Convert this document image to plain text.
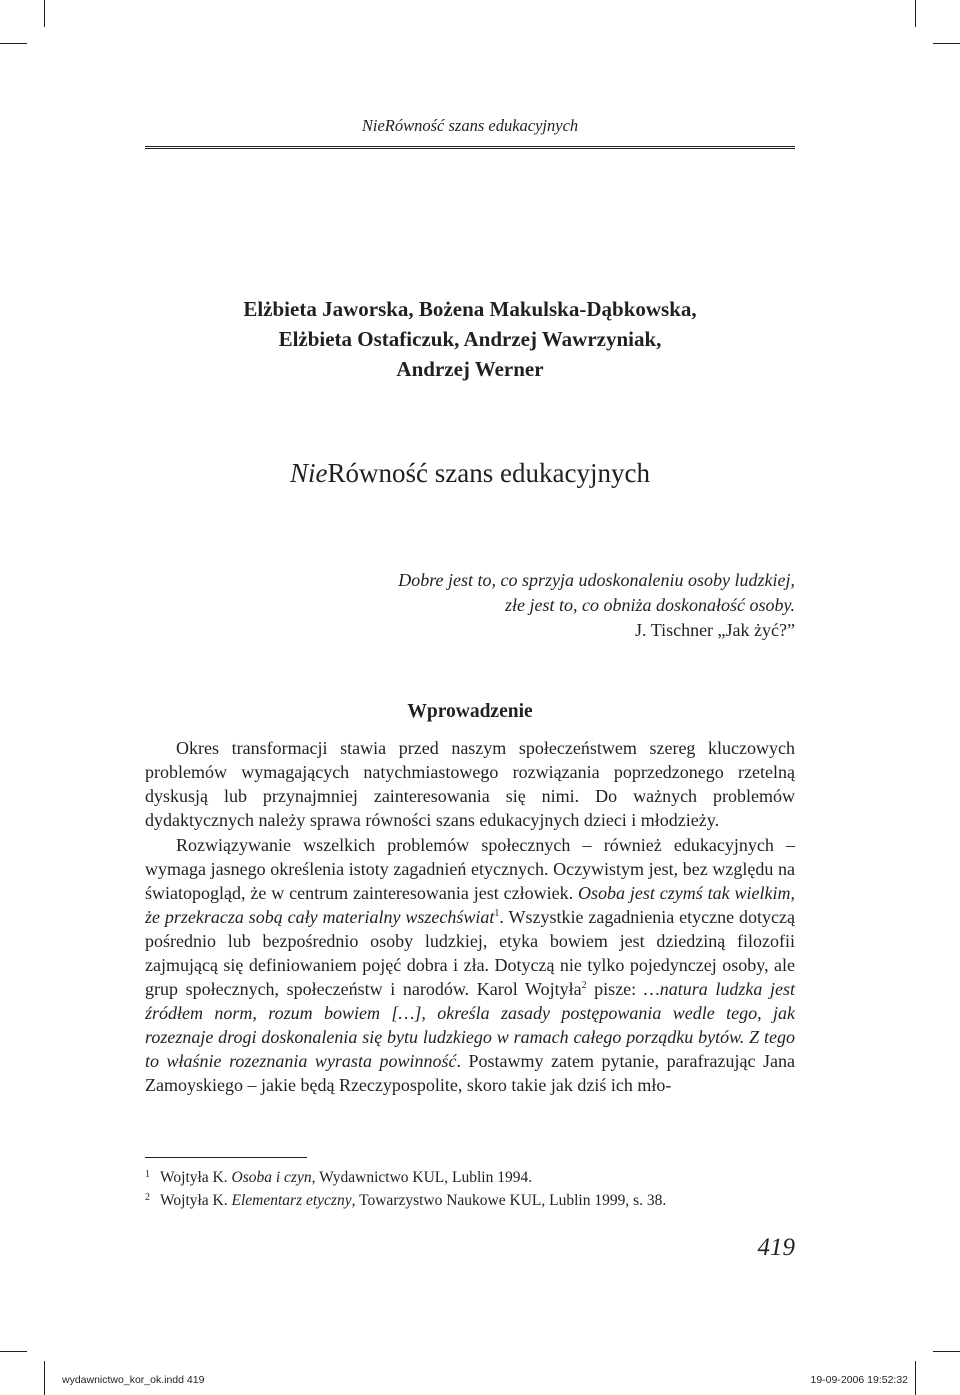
NieRówność szans edukacyjnych
Elżbieta Jaworska, Bożena Makulska-Dąbkowska,
Elżbieta Ostaficzuk, Andrzej Wawrzyniak,
Andrzej Werner
NieRówność szans edukacyjnych
Dobre jest to, co sprzyja udoskonaleniu osoby ludzkiej,
złe jest to, co obniża doskonałość osoby.
J. Tischner „Jak żyć?”
Wprowadzenie

Okres transformacji stawia przed naszym społeczeństwem szereg kluczowych problemów wymagających natychmiastowego rozwiązania poprzedzonego rzetelną dyskusją lub przynajmniej zainteresowania się nimi. Do ważnych problemów dydaktycznych należy sprawa równości szans edukacyjnych dzieci i młodzieży.

Rozwiązywanie wszelkich problemów społecznych – również edukacyjnych – wymaga jasnego określenia istoty zagadnień etycznych. Oczywistym jest, bez względu na światopogląd, że w centrum zainteresowania jest człowiek. Osoba jest czymś tak wielkim, że przekracza sobą cały materialny wszechświat$^1$. Wszystkie zagadnienia etyczne dotyczą pośrednio lub bezpośrednio osoby ludzkiej, etyka bowiem jest dziedziną filozofii zajmującą się definiowaniem pojęć dobra i zła. Dotyczą nie tylko pojedynczej osoby, ale grup społecznych, społeczeństw i narodów. Karol Wojtyła$^2$ pisze: …natura ludzka jest źródłem norm, rozum bowiem […], określa zasady postępowania wedle tego, jak rozeznaje drogi doskonalenia się bytu ludzkiego w ramach całego porządku bytów. Z tego to właśnie rozeznania wyrasta powinność. Postawmy zatem pytanie, parafrazując Jana Zamoyskiego – jakie będą Rzeczypospolite, skoro takie jak dziś ich mło-

1 Wojtyła K. Osoba i czyn, Wydawnictwo KUL, Lublin 1994.
2 Wojtyła K. Elementarz etyczny, Towarzystwo Naukowe KUL, Lublin 1999, s. 38.
419
wydawnictwo_kor_ok.indd 419	19-09-2006 19:52:32
